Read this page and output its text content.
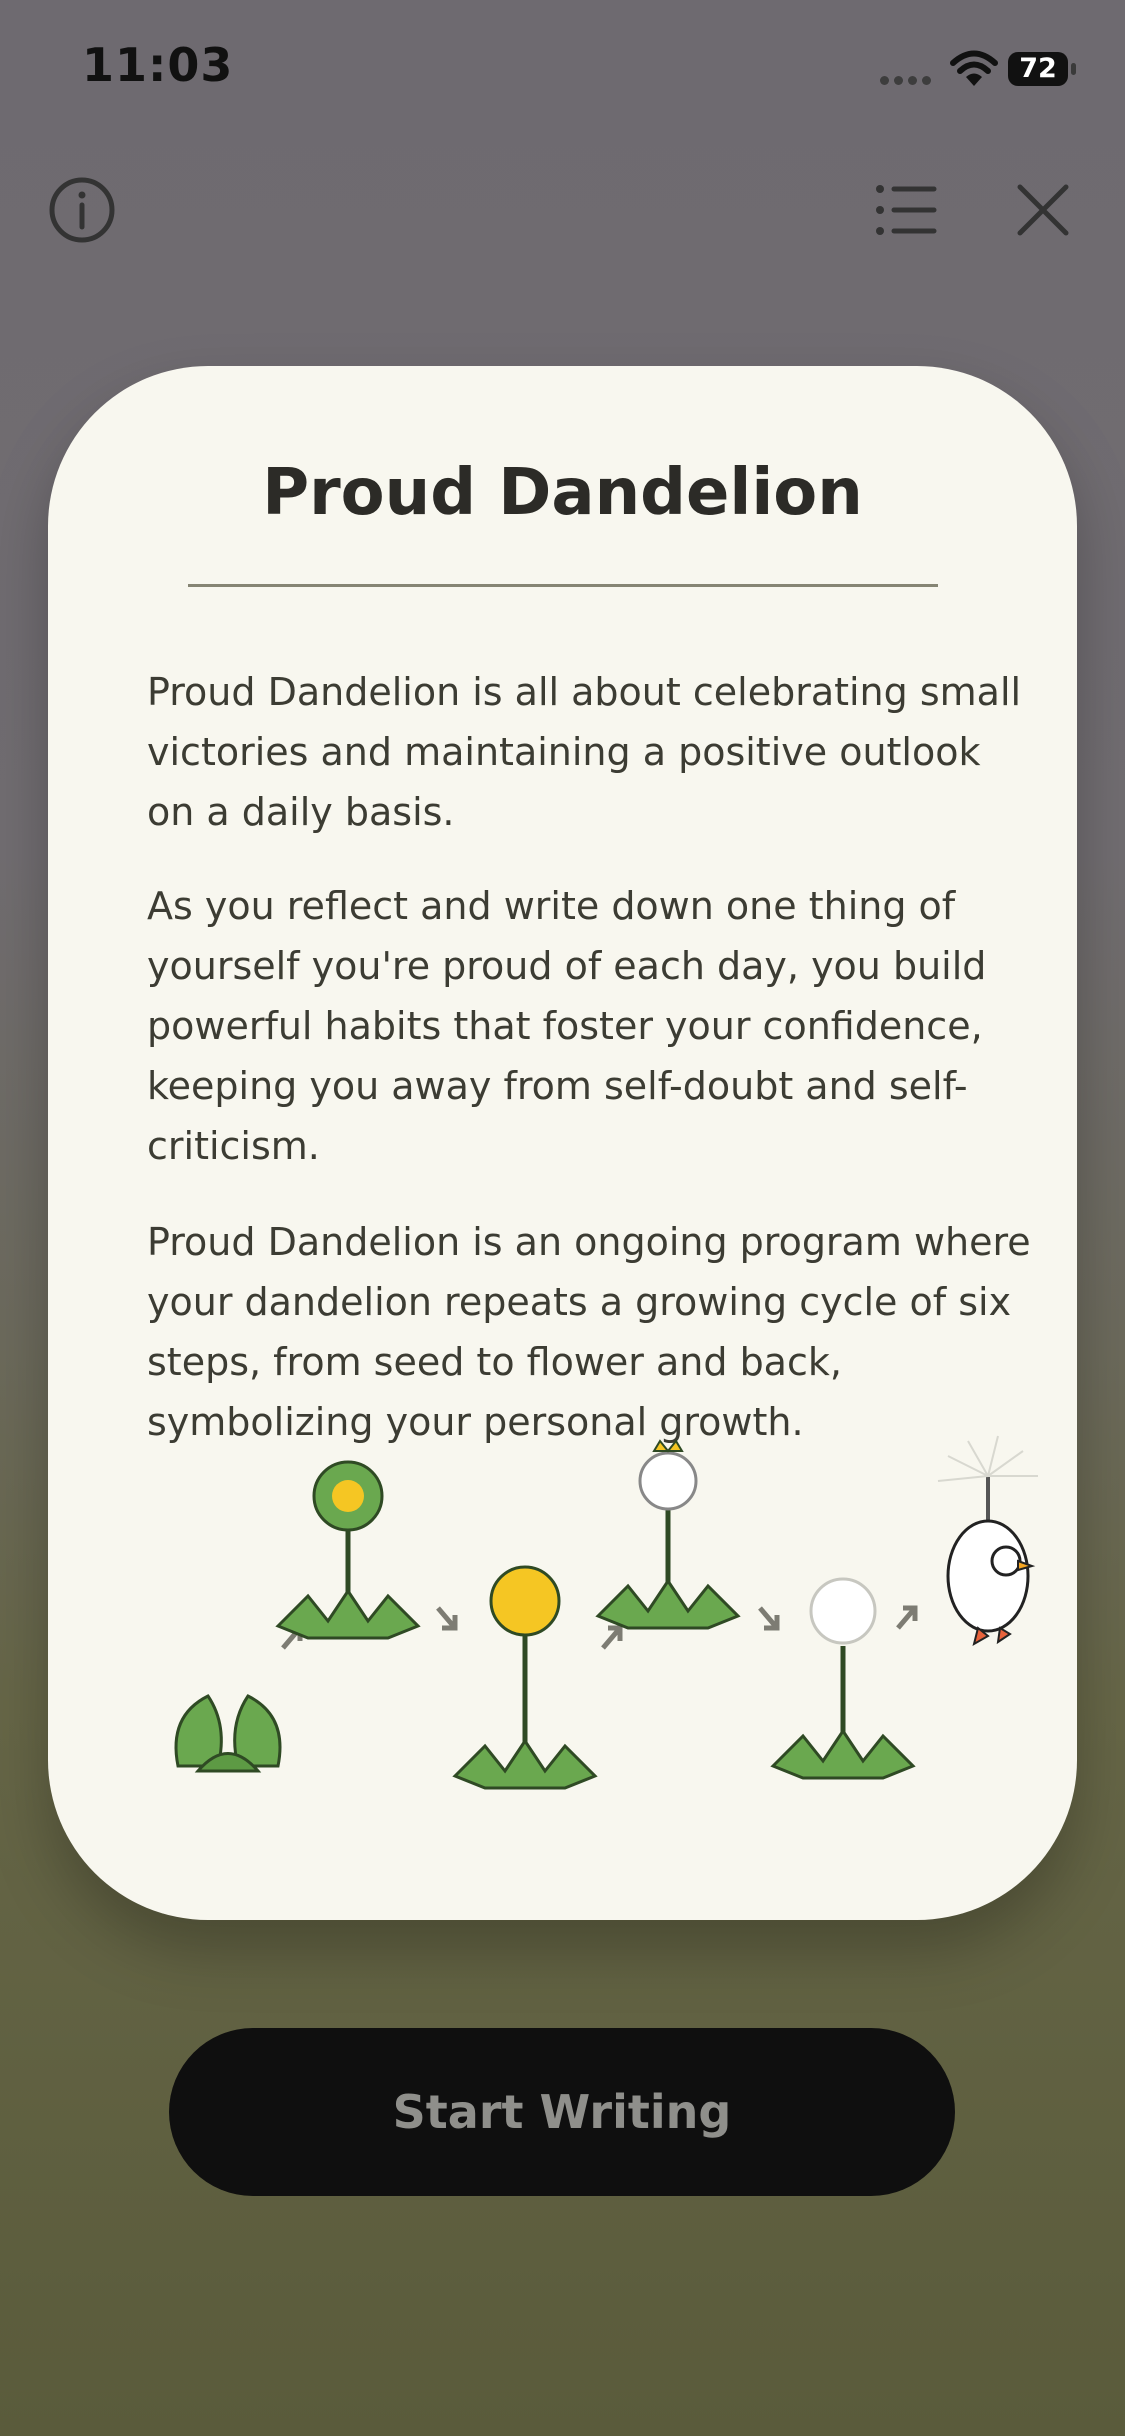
11:03	72
Proud Dandelion

Proud Dandelion is all about celebrating small victories and maintaining a positive outlook on a daily basis.

As you reflect and write down one thing of yourself you're proud of each day, you build powerful habits that foster your confidence, keeping you away from self-doubt and self-criticism.

Proud Dandelion is an ongoing program where your dandelion repeats a growing cycle of six steps, from seed to flower and back, symbolizing your personal growth.

Start Writing
